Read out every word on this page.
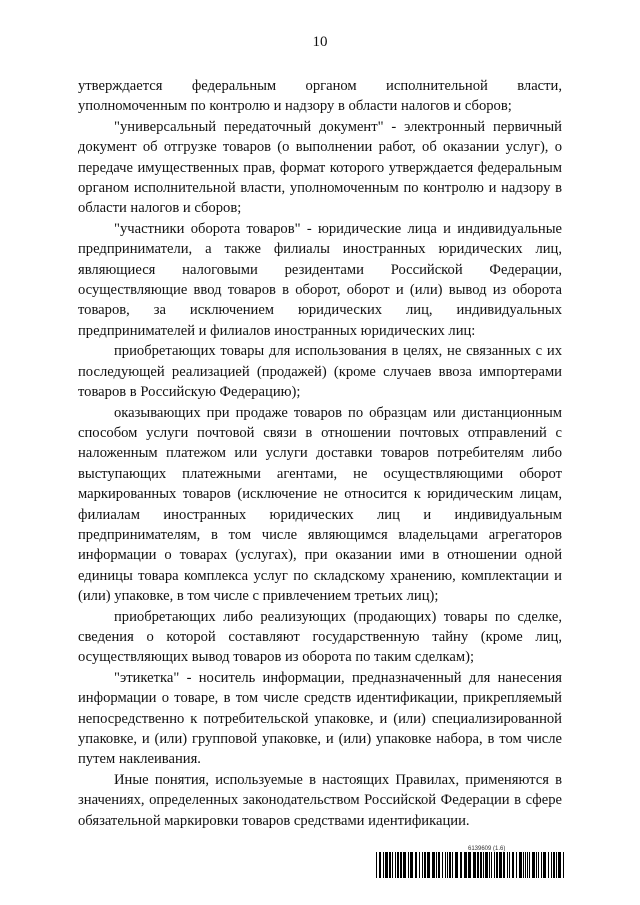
10

утверждается федеральным органом исполнительной власти, уполномоченным по контролю и надзору в области налогов и сборов;

"универсальный передаточный документ" - электронный первичный документ об отгрузке товаров (о выполнении работ, об оказании услуг), о передаче имущественных прав, формат которого утверждается федеральным органом исполнительной власти, уполномоченным по контролю и надзору в области налогов и сборов;

"участники оборота товаров" - юридические лица и индивидуальные предприниматели, а также филиалы иностранных юридических лиц, являющиеся налоговыми резидентами Российской Федерации, осуществляющие ввод товаров в оборот, оборот и (или) вывод из оборота товаров, за исключением юридических лиц, индивидуальных предпринимателей и филиалов иностранных юридических лиц:

приобретающих товары для использования в целях, не связанных с их последующей реализацией (продажей) (кроме случаев ввоза импортерами товаров в Российскую Федерацию);

оказывающих при продаже товаров по образцам или дистанционным способом услуги почтовой связи в отношении почтовых отправлений с наложенным платежом или услуги доставки товаров потребителям либо выступающих платежными агентами, не осуществляющими оборот маркированных товаров (исключение не относится к юридическим лицам, филиалам иностранных юридических лиц и индивидуальным предпринимателям, в том числе являющимся владельцами агрегаторов информации о товарах (услугах), при оказании ими в отношении одной единицы товара комплекса услуг по складскому хранению, комплектации и (или) упаковке, в том числе с привлечением третьих лиц);

приобретающих либо реализующих (продающих) товары по сделке, сведения о которой составляют государственную тайну (кроме лиц, осуществляющих вывод товаров из оборота по таким сделкам);

"этикетка" - носитель информации, предназначенный для нанесения информации о товаре, в том числе средств идентификации, прикрепляемый непосредственно к потребительской упаковке, и (или) специализированной упаковке, и (или) групповой упаковке, и (или) упаковке набора, в том числе путем наклеивания.

Иные понятия, используемые в настоящих Правилах, применяются в значениях, определенных законодательством Российской Федерации в сфере обязательной маркировки товаров средствами идентификации.

6139609 (1.6)
